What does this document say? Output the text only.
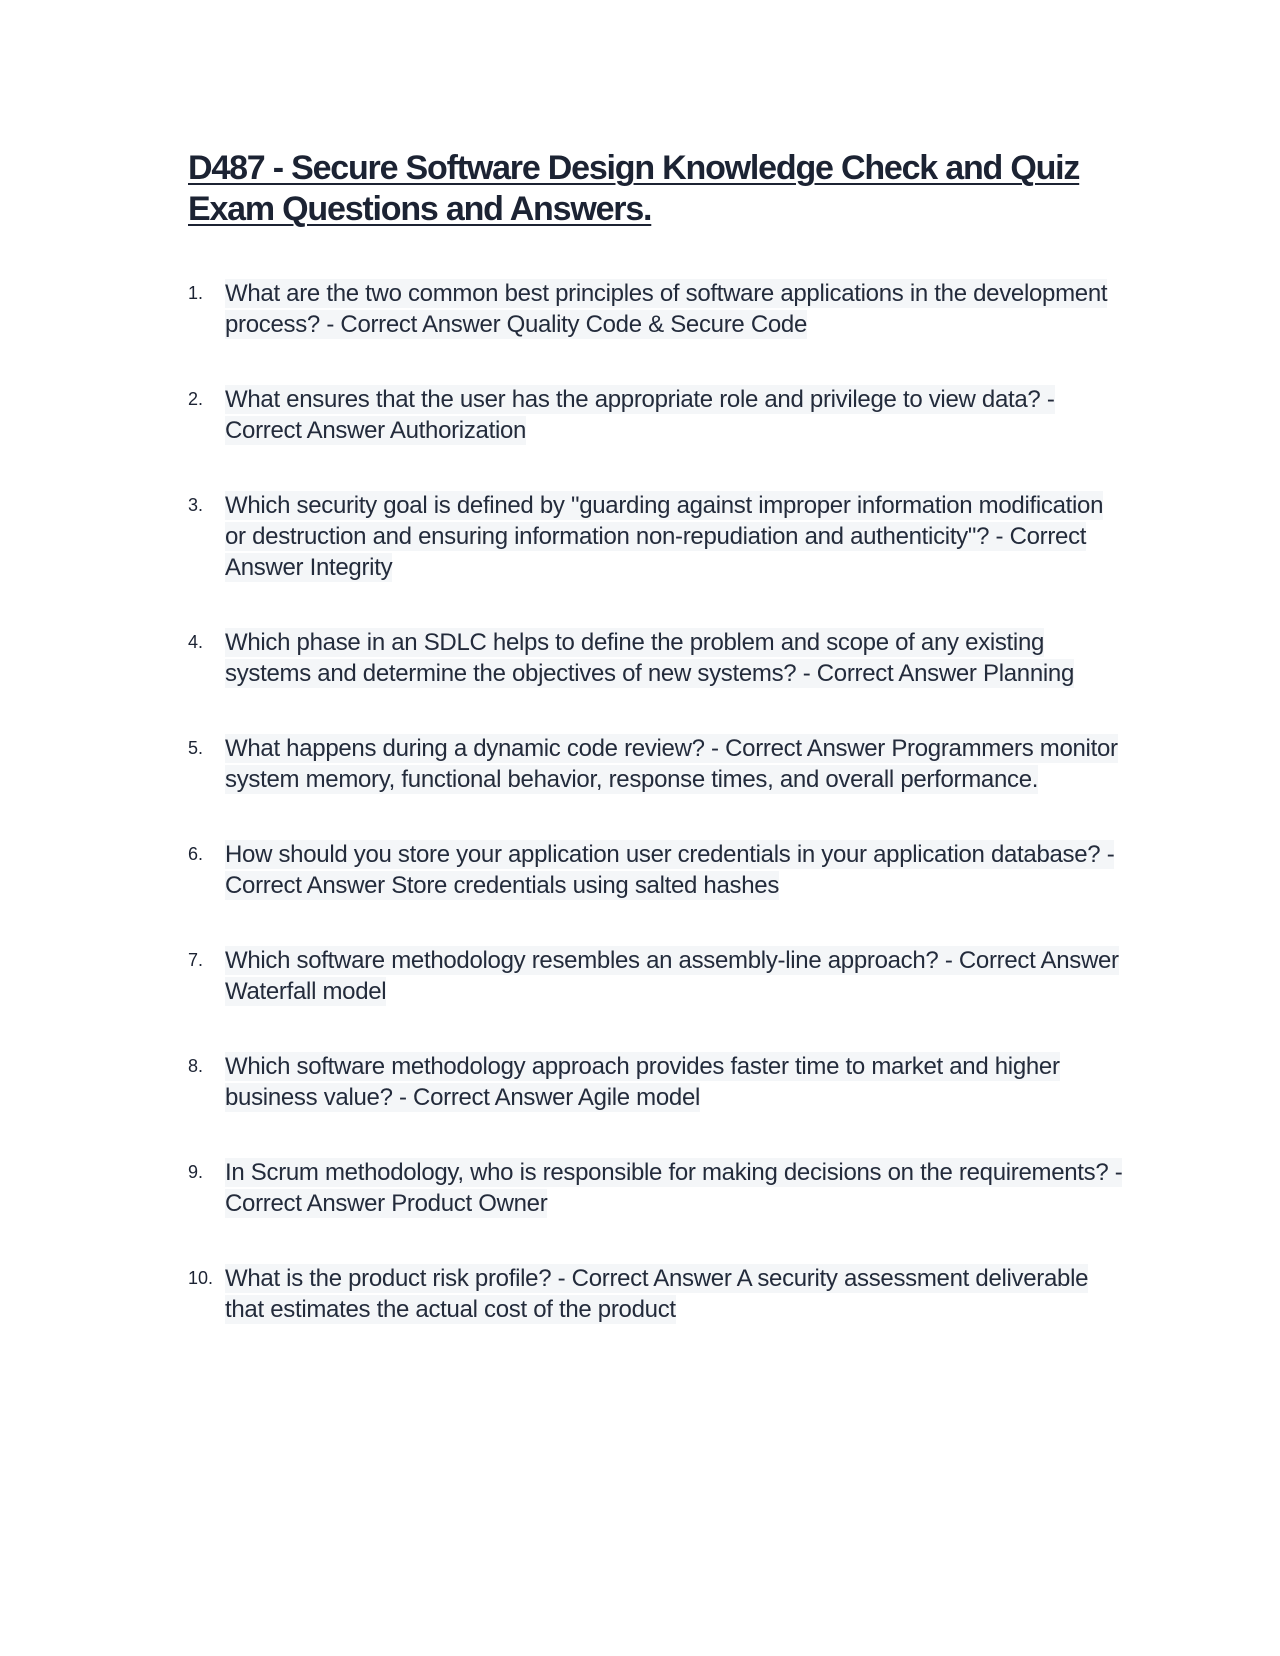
D487 - Secure Software Design Knowledge Check and Quiz Exam Questions and Answers.
1. What are the two common best principles of software applications in the development process? - Correct Answer Quality Code & Secure Code
2. What ensures that the user has the appropriate role and privilege to view data? - Correct Answer Authorization
3. Which security goal is defined by "guarding against improper information modification or destruction and ensuring information non-repudiation and authenticity"? - Correct Answer Integrity
4. Which phase in an SDLC helps to define the problem and scope of any existing systems and determine the objectives of new systems? - Correct Answer Planning
5. What happens during a dynamic code review? - Correct Answer Programmers monitor system memory, functional behavior, response times, and overall performance.
6. How should you store your application user credentials in your application database? - Correct Answer Store credentials using salted hashes
7. Which software methodology resembles an assembly-line approach? - Correct Answer Waterfall model
8. Which software methodology approach provides faster time to market and higher business value? - Correct Answer Agile model
9. In Scrum methodology, who is responsible for making decisions on the requirements? - Correct Answer Product Owner
10. What is the product risk profile? - Correct Answer A security assessment deliverable that estimates the actual cost of the product
